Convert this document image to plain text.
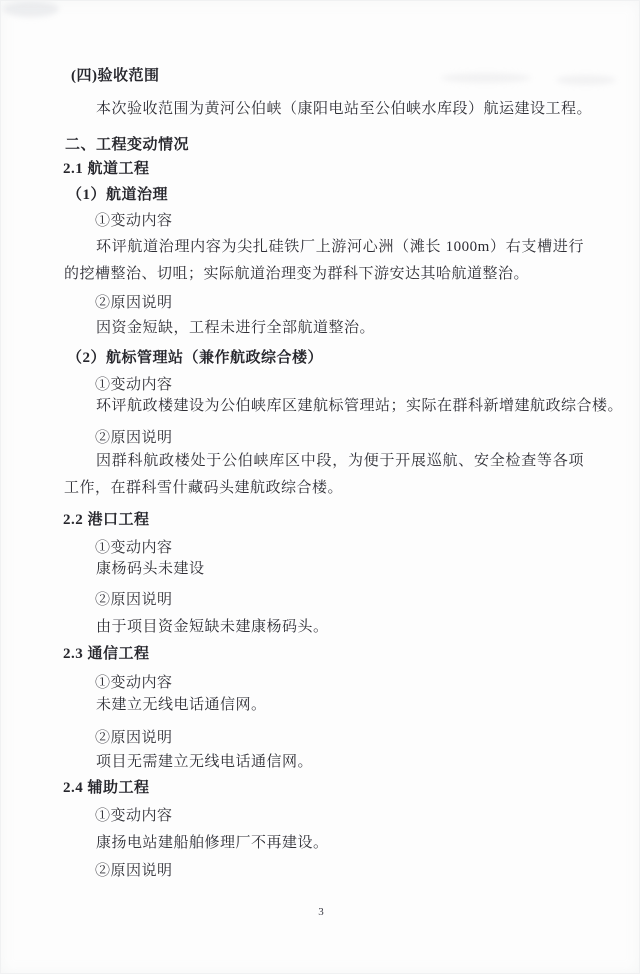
(四)验收范围
本次验收范围为黄河公伯峡（康阳电站至公伯峡水库段）航运建设工程。
二、工程变动情况
2.1 航道工程
（1）航道治理
①变动内容
环评航道治理内容为尖扎硅铁厂上游河心洲（滩长 1000m）右支槽进行的挖槽整治、切咀；实际航道治理变为群科下游安达其哈航道整治。
②原因说明
因资金短缺，工程未进行全部航道整治。
（2）航标管理站（兼作航政综合楼）
①变动内容
环评航政楼建设为公伯峡库区建航标管理站；实际在群科新增建航政综合楼。
②原因说明
因群科航政楼处于公伯峡库区中段，为便于开展巡航、安全检查等各项工作，在群科雪什藏码头建航政综合楼。
2.2 港口工程
①变动内容
康杨码头未建设
②原因说明
由于项目资金短缺未建康杨码头。
2.3 通信工程
①变动内容
未建立无线电话通信网。
②原因说明
项目无需建立无线电话通信网。
2.4 辅助工程
①变动内容
康扬电站建船舶修理厂不再建设。
②原因说明
3
